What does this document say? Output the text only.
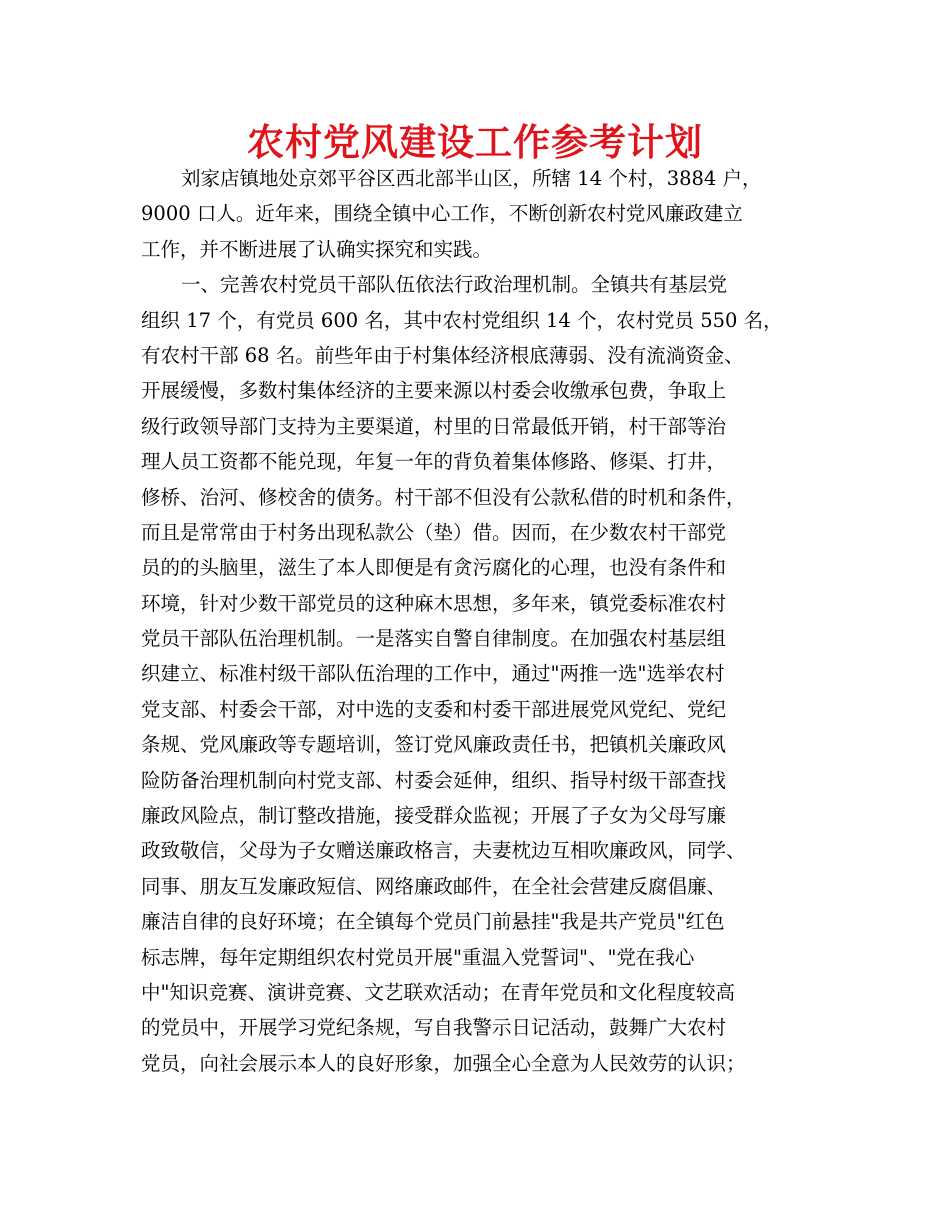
农村党风建设工作参考计划
刘家店镇地处京郊平谷区西北部半山区，所辖 14 个村，3884 户，
9000 口人。近年来，围绕全镇中心工作，不断创新农村党风廉政建立
工作，并不断进展了认确实探究和实践。
一、完善农村党员干部队伍依法行政治理机制。全镇共有基层党
组织 17 个，有党员 600 名，其中农村党组织 14 个，农村党员 550 名，
有农村干部 68 名。前些年由于村集体经济根底薄弱、没有流淌资金、
开展缓慢，多数村集体经济的主要来源以村委会收缴承包费，争取上
级行政领导部门支持为主要渠道，村里的日常最低开销，村干部等治
理人员工资都不能兑现，年复一年的背负着集体修路、修渠、打井，
修桥、治河、修校舍的债务。村干部不但没有公款私借的时机和条件，
而且是常常由于村务出现私款公（垫）借。因而，在少数农村干部党
员的的头脑里，滋生了本人即便是有贪污腐化的心理，也没有条件和
环境，针对少数干部党员的这种麻木思想，多年来，镇党委标准农村
党员干部队伍治理机制。一是落实自警自律制度。在加强农村基层组
织建立、标准村级干部队伍治理的工作中，通过"两推一选"选举农村
党支部、村委会干部，对中选的支委和村委干部进展党风党纪、党纪
条规、党风廉政等专题培训，签订党风廉政责任书，把镇机关廉政风
险防备治理机制向村党支部、村委会延伸，组织、指导村级干部查找
廉政风险点，制订整改措施，接受群众监视；开展了子女为父母写廉
政致敬信，父母为子女赠送廉政格言，夫妻枕边互相吹廉政风，同学、
同事、朋友互发廉政短信、网络廉政邮件，在全社会营建反腐倡廉、
廉洁自律的良好环境；在全镇每个党员门前悬挂"我是共产党员"红色
标志牌，每年定期组织农村党员开展"重温入党誓词"、"党在我心
中"知识竞赛、演讲竞赛、文艺联欢活动；在青年党员和文化程度较高
的党员中，开展学习党纪条规，写自我警示日记活动，鼓舞广大农村
党员，向社会展示本人的良好形象，加强全心全意为人民效劳的认识；
